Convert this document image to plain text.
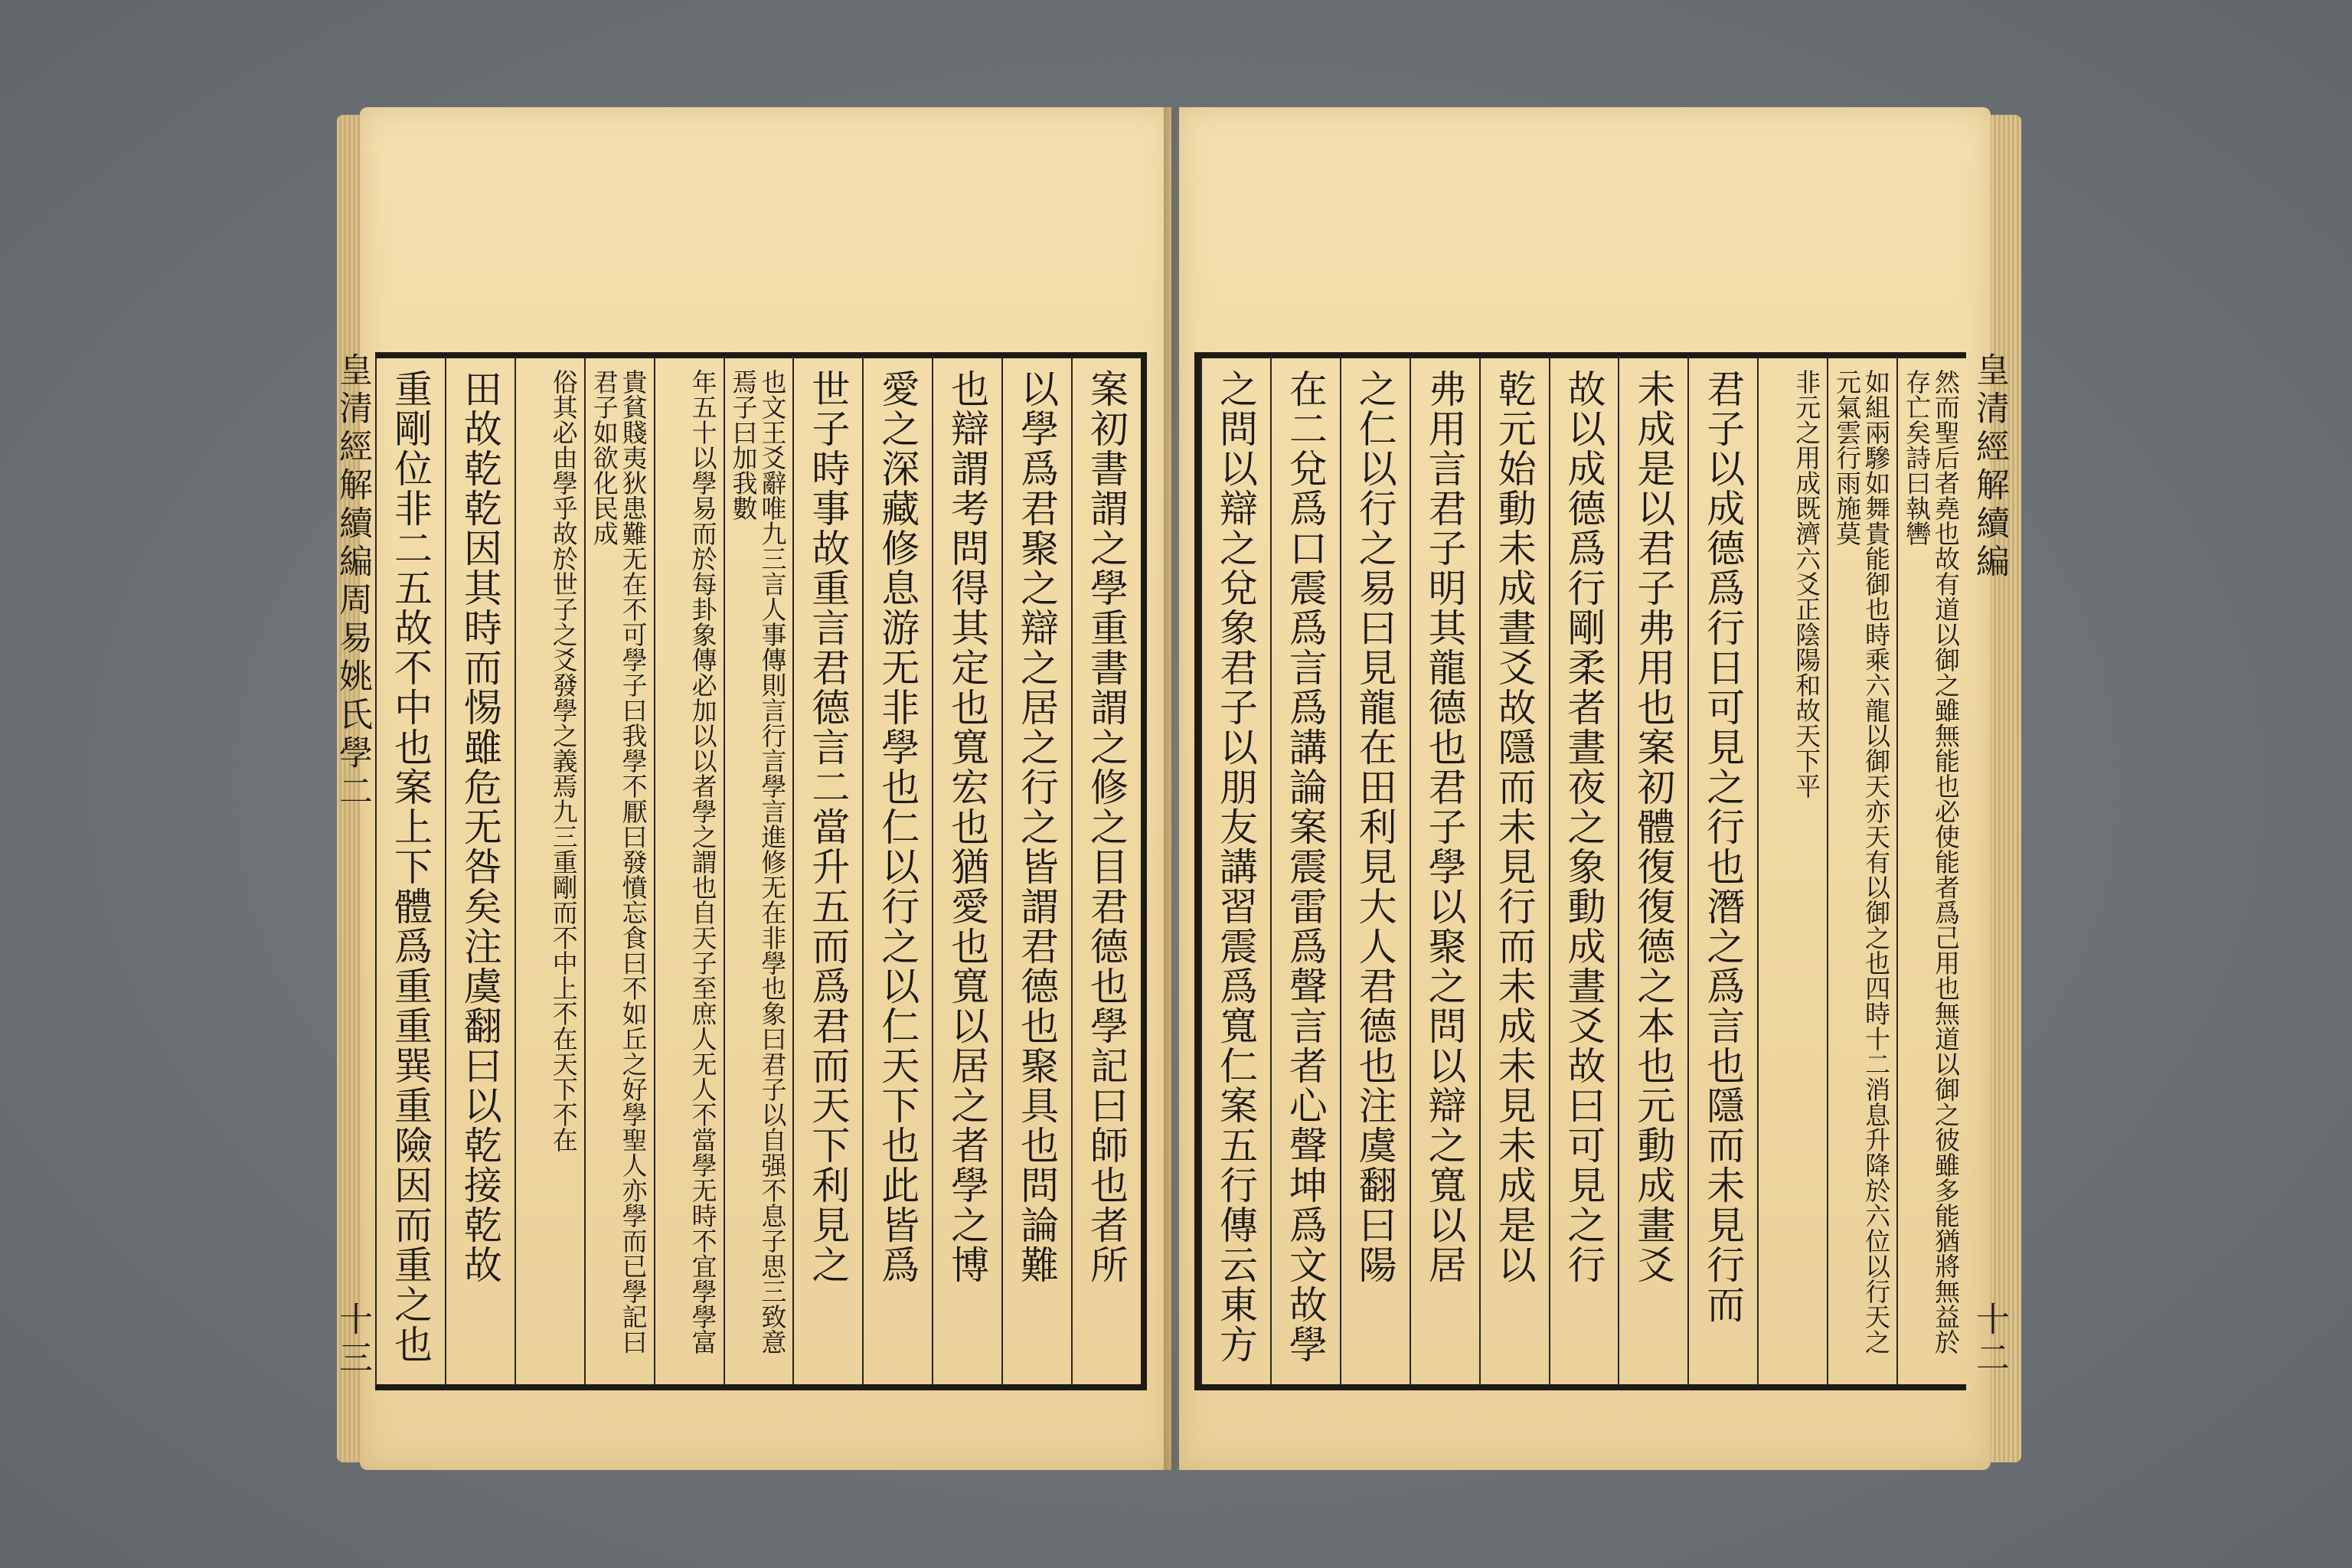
案初書謂之學重書謂之修之目君德也學記曰師也者所
以學爲君聚之辯之居之行之皆謂君德也聚具也問論難
也辯謂考問得其定也寬宏也猶愛也寬以居之者學之博
愛之深藏修息游无非學也仁以行之以仁天下也此皆爲
世子時事故重言君德言二當升五而爲君而天下利見之
也文王爻辭唯九三言人事傳則言行言學言進修无在非學也象曰君子以自强不息子思三致意焉子曰加我數
年五十以學易而於每卦象傳必加以以者學之謂也自天子至庶人无人不當學无時不宜學學富
貴貧賤夷狄患難无在不可學子曰我學不厭曰發憤忘食曰不如丘之好學聖人亦學而已學記曰君子如欲化民成
俗其必由學乎故於世子之爻發學之義焉九三重剛而不中上不在天下不在
田故乾乾因其時而惕雖危无咎矣注虞翻曰以乾接乾故
重剛位非二五故不中也案上下體爲重重巽重險因而重之也
皇清經解續編
周易姚氏學二
十三	然而聖后者堯也故有道以御之雖無能也必使能者爲己用也無道以御之彼雖多能猶將無益於存亡矣詩曰執轡
如組兩驂如舞貴能御也時乘六龍以御天亦天有以御之也四時十二消息升降於六位以行天之元氣雲行雨施莫
非元之用成既濟六爻正陰陽和故天下平
君子以成德爲行日可見之行也潛之爲言也隱而未見行而
未成是以君子弗用也案初體復復德之本也元動成畫爻
故以成德爲行剛柔者晝夜之象動成晝爻故曰可見之行
乾元始動未成晝爻故隱而未見行而未成未見未成是以
弗用言君子明其龍德也君子學以聚之問以辯之寬以居
之仁以行之易曰見龍在田利見大人君德也注虞翻曰陽
在二兌爲口震爲言爲講論案震雷爲聲言者心聲坤爲文故學
之問以辯之兌象君子以朋友講習震爲寬仁案五行傳云東方
皇清經解續編
十二
